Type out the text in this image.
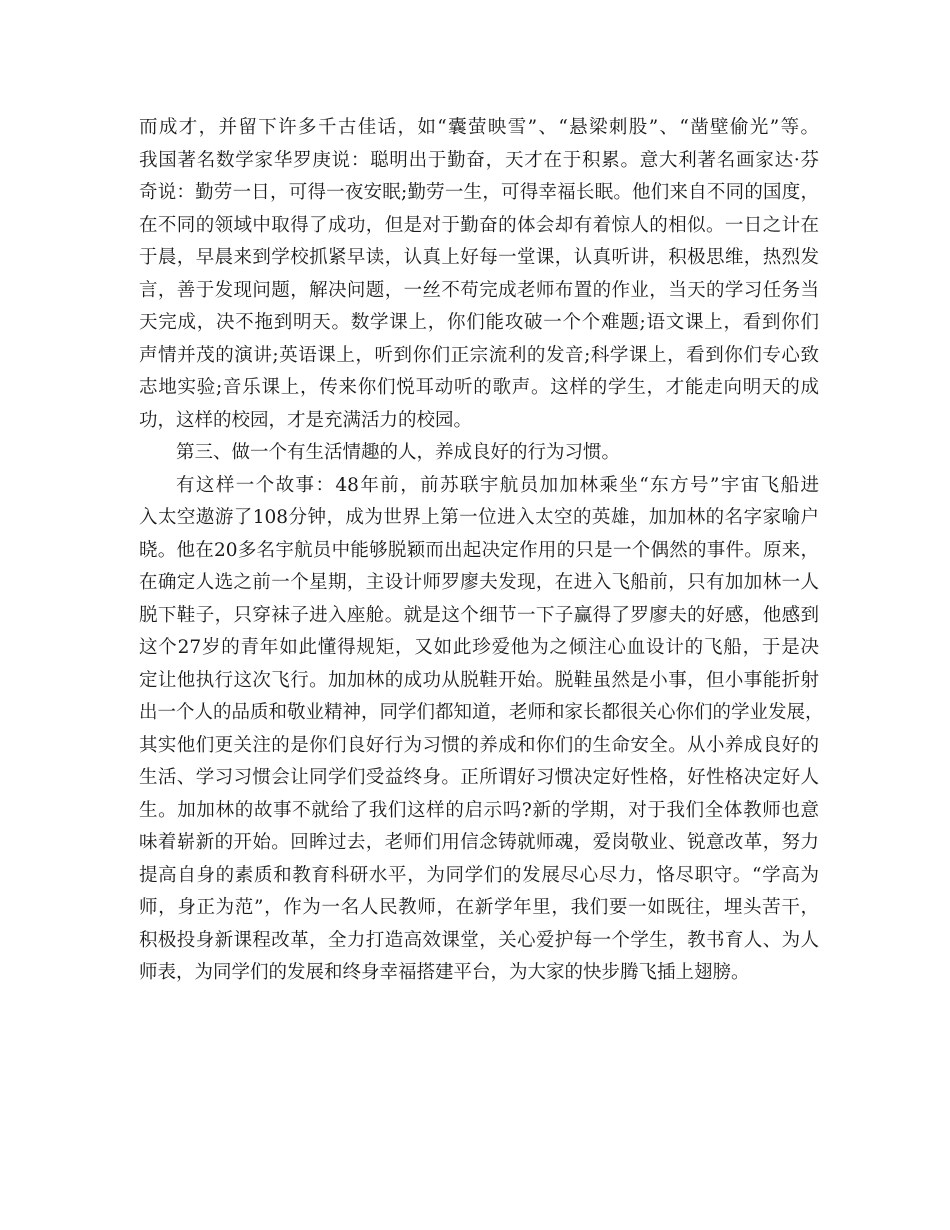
而成才，并留下许多千古佳话，如“囊萤映雪”、“悬梁刺股”、“凿壁偷光”等。
我国著名数学家华罗庚说：聪明出于勤奋，天才在于积累。意大利著名画家达·芬
奇说：勤劳一日，可得一夜安眠;勤劳一生，可得幸福长眠。他们来自不同的国度，
在不同的领域中取得了成功，但是对于勤奋的体会却有着惊人的相似。一日之计在
于晨，早晨来到学校抓紧早读，认真上好每一堂课，认真听讲，积极思维，热烈发
言，善于发现问题，解决问题，一丝不苟完成老师布置的作业，当天的学习任务当
天完成，决不拖到明天。数学课上，你们能攻破一个个难题;语文课上，看到你们
声情并茂的演讲;英语课上，听到你们正宗流利的发音;科学课上，看到你们专心致
志地实验;音乐课上，传来你们悦耳动听的歌声。这样的学生，才能走向明天的成
功，这样的校园，才是充满活力的校园。
第三、做一个有生活情趣的人，养成良好的行为习惯。
有这样一个故事：48年前，前苏联宇航员加加林乘坐“东方号”宇宙飞船进
入太空遨游了108分钟，成为世界上第一位进入太空的英雄，加加林的名字家喻户
晓。他在20多名宇航员中能够脱颖而出起决定作用的只是一个偶然的事件。原来，
在确定人选之前一个星期，主设计师罗廖夫发现，在进入飞船前，只有加加林一人
脱下鞋子，只穿袜子进入座舱。就是这个细节一下子赢得了罗廖夫的好感，他感到
这个27岁的青年如此懂得规矩，又如此珍爱他为之倾注心血设计的飞船，于是决
定让他执行这次飞行。加加林的成功从脱鞋开始。脱鞋虽然是小事，但小事能折射
出一个人的品质和敬业精神，同学们都知道，老师和家长都很关心你们的学业发展，
其实他们更关注的是你们良好行为习惯的养成和你们的生命安全。从小养成良好的
生活、学习习惯会让同学们受益终身。正所谓好习惯决定好性格，好性格决定好人
生。加加林的故事不就给了我们这样的启示吗?新的学期，对于我们全体教师也意
味着崭新的开始。回眸过去，老师们用信念铸就师魂，爱岗敬业、锐意改革，努力
提高自身的素质和教育科研水平，为同学们的发展尽心尽力，恪尽职守。“学高为
师，身正为范”，作为一名人民教师，在新学年里，我们要一如既往，埋头苦干，
积极投身新课程改革，全力打造高效课堂，关心爱护每一个学生，教书育人、为人
师表，为同学们的发展和终身幸福搭建平台，为大家的快步腾飞插上翅膀。
